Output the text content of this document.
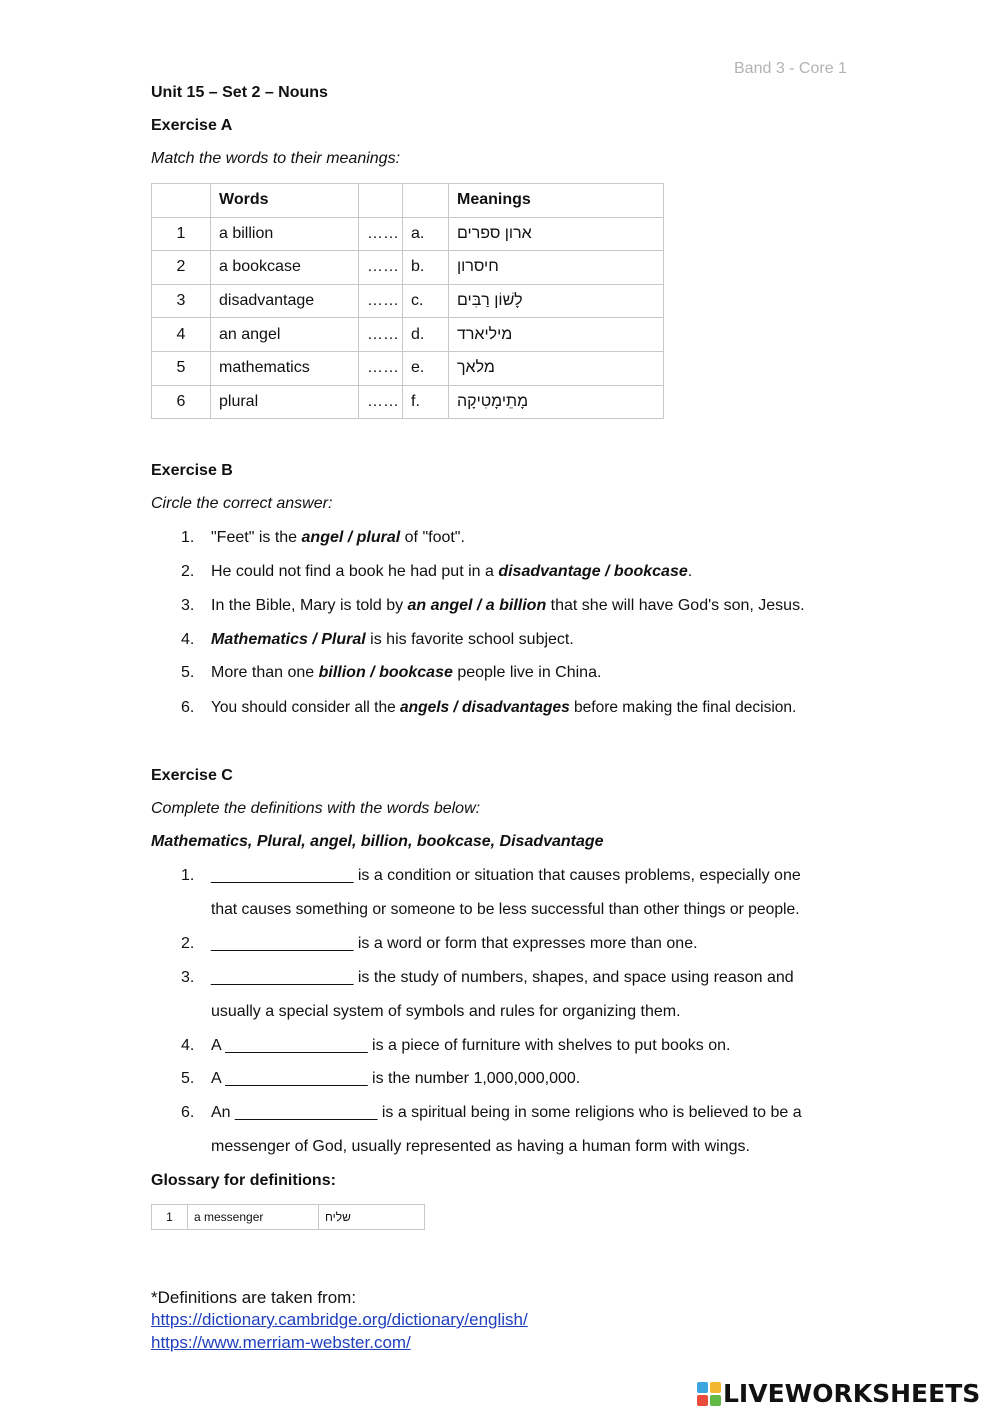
Band 3 - Core 1
Unit 15 – Set 2 – Nouns
Exercise A
Match the words to their meanings:
	Words			Meanings
1	a billion	……	a.	ארון ספרים
2	a bookcase	……	b.	חיסרון
3	disadvantage	……	c.	לָשׁוֹן רַבִּים
4	an angel	……	d.	מיליארד
5	mathematics	……	e.	מלאך
6	plural	……	f.	מָתֵימָטִיקָה
Exercise B
Circle the correct answer:
1. "Feet" is the angel / plural of "foot".
2. He could not find a book he had put in a disadvantage / bookcase.
3. In the Bible, Mary is told by an angel / a billion that she will have God's son, Jesus.
4. Mathematics / Plural is his favorite school subject.
5. More than one billion / bookcase people live in China.
6. You should consider all the angels / disadvantages before making the final decision.
Exercise C
Complete the definitions with the words below:
Mathematics, Plural, angel, billion, bookcase, Disadvantage
1. ________________ is a condition or situation that causes problems, especially one
that causes something or someone to be less successful than other things or people.
2. ________________ is a word or form that expresses more than one.
3. ________________ is the study of numbers, shapes, and space using reason and
usually a special system of symbols and rules for organizing them.
4. A ________________ is a piece of furniture with shelves to put books on.
5. A ________________ is the number 1,000,000,000.
6. An ________________ is a spiritual being in some religions who is believed to be a
messenger of God, usually represented as having a human form with wings.
Glossary for definitions:
1	a messenger	שליח
*Definitions are taken from:
https://dictionary.cambridge.org/dictionary/english/
https://www.merriam-webster.com/
LIVEWORKSHEETS
